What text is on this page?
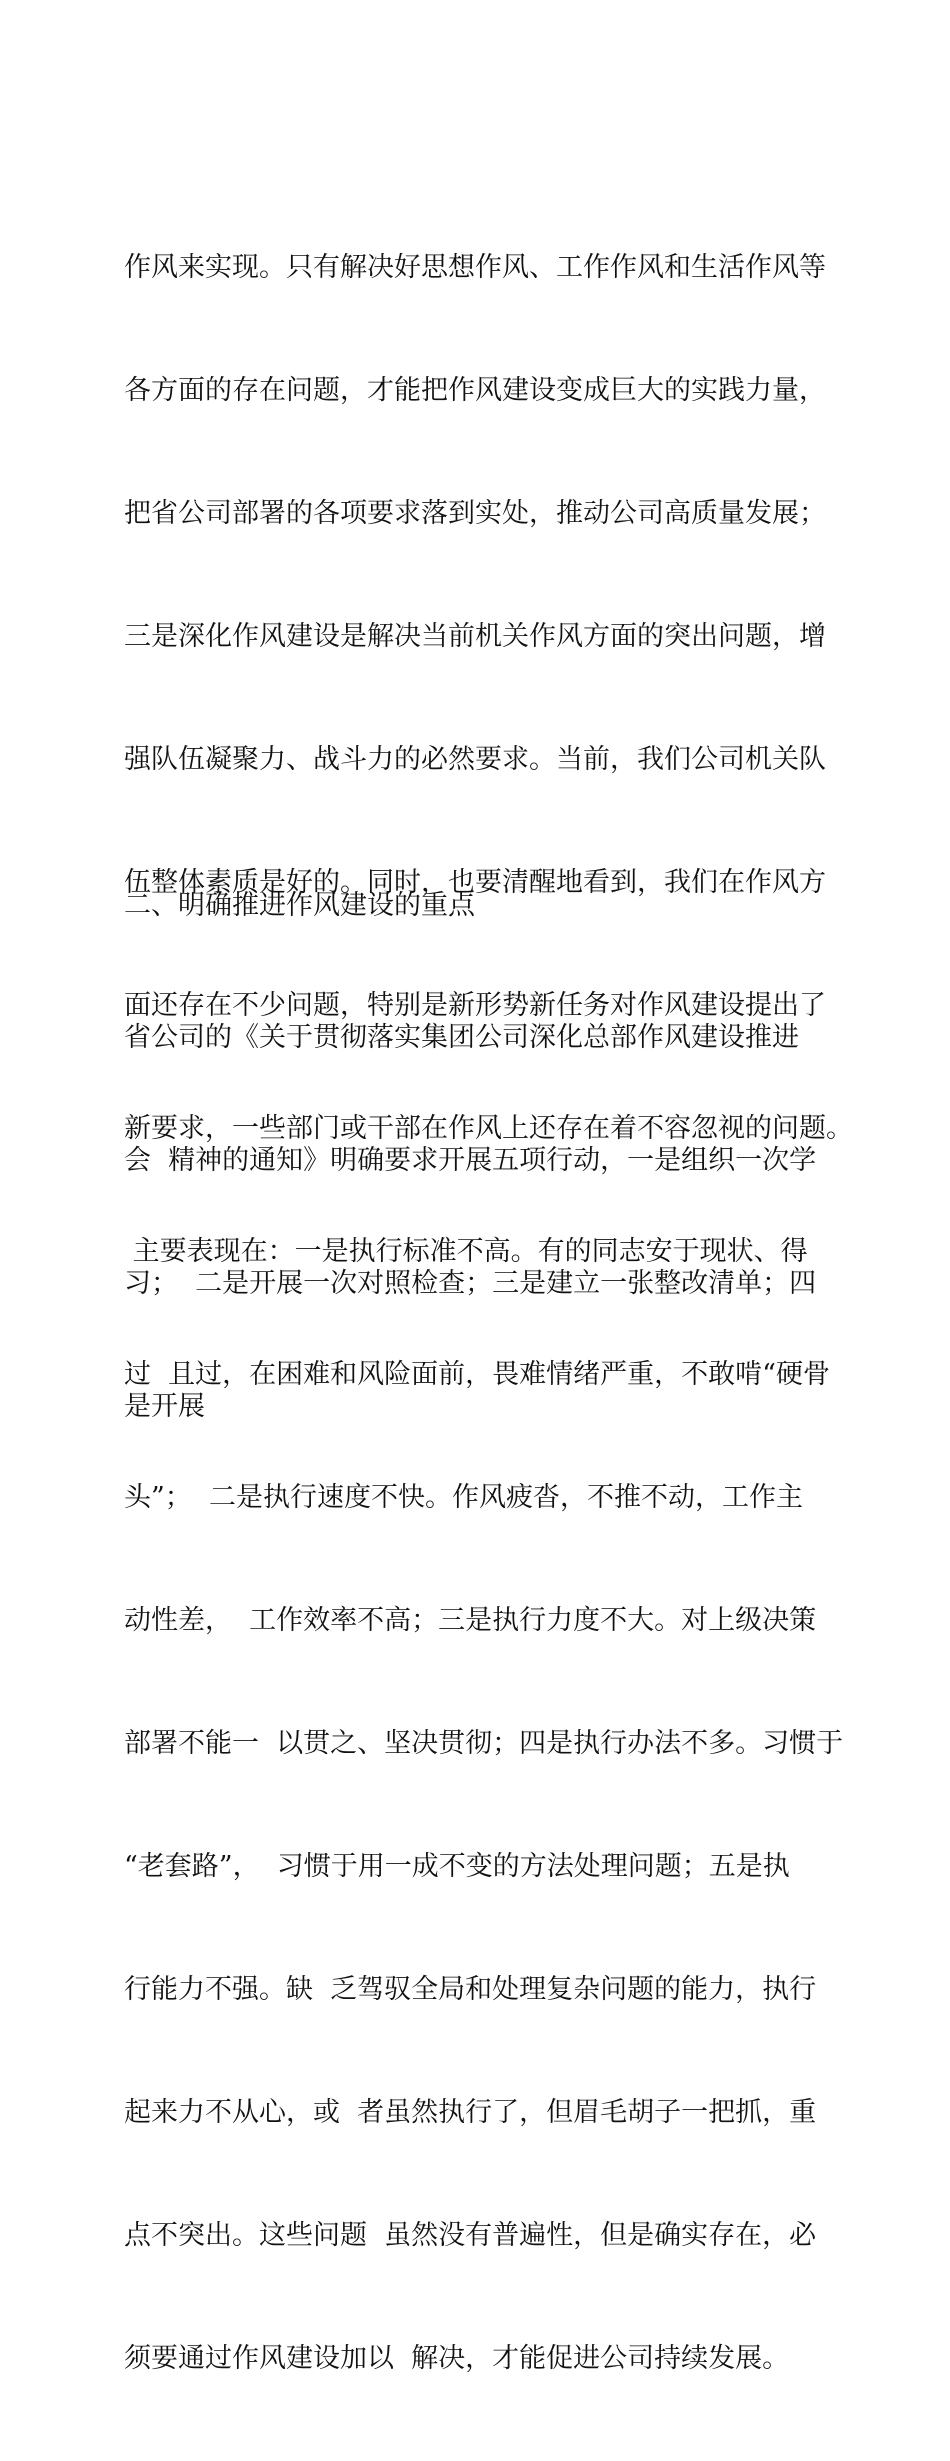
作风来实现。只有解决好思想作风、工作作风和生活作风等

各方面的存在问题，才能把作风建设变成巨大的实践力量，

把省公司部署的各项要求落到实处，推动公司高质量发展；

三是深化作风建设是解决当前机关作风方面的突出问题，增

强队伍凝聚力、战斗力的必然要求。当前，我们公司机关队

伍整体素质是好的。同时，也要清醒地看到，我们在作风方

面还存在不少问题，特别是新形势新任务对作风建设提出了

新要求，一些部门或干部在作风上还存在着不容忽视的问题。

主要表现在：一是执行标准不高。有的同志安于现状、得

过  且过，在困难和风险面前，畏难情绪严重，不敢啃“硬骨

头”；  二是执行速度不快。作风疲沓，不推不动，工作主

动性差，  工作效率不高；三是执行力度不大。对上级决策

部署不能一  以贯之、坚决贯彻；四是执行办法不多。习惯于

“老套路”，  习惯于用一成不变的方法处理问题；五是执

行能力不强。缺  乏驾驭全局和处理复杂问题的能力，执行

起来力不从心，或  者虽然执行了，但眉毛胡子一把抓，重

点不突出。这些问题  虽然没有普遍性，但是确实存在，必

须要通过作风建设加以  解决，才能促进公司持续发展。

二、明确推进作风建设的重点

省公司的《关于贯彻落实集团公司深化总部作风建设推进

会  精神的通知》明确要求开展五项行动，一是组织一次学

习；  二是开展一次对照检查；三是建立一张整改清单；四

是开展
